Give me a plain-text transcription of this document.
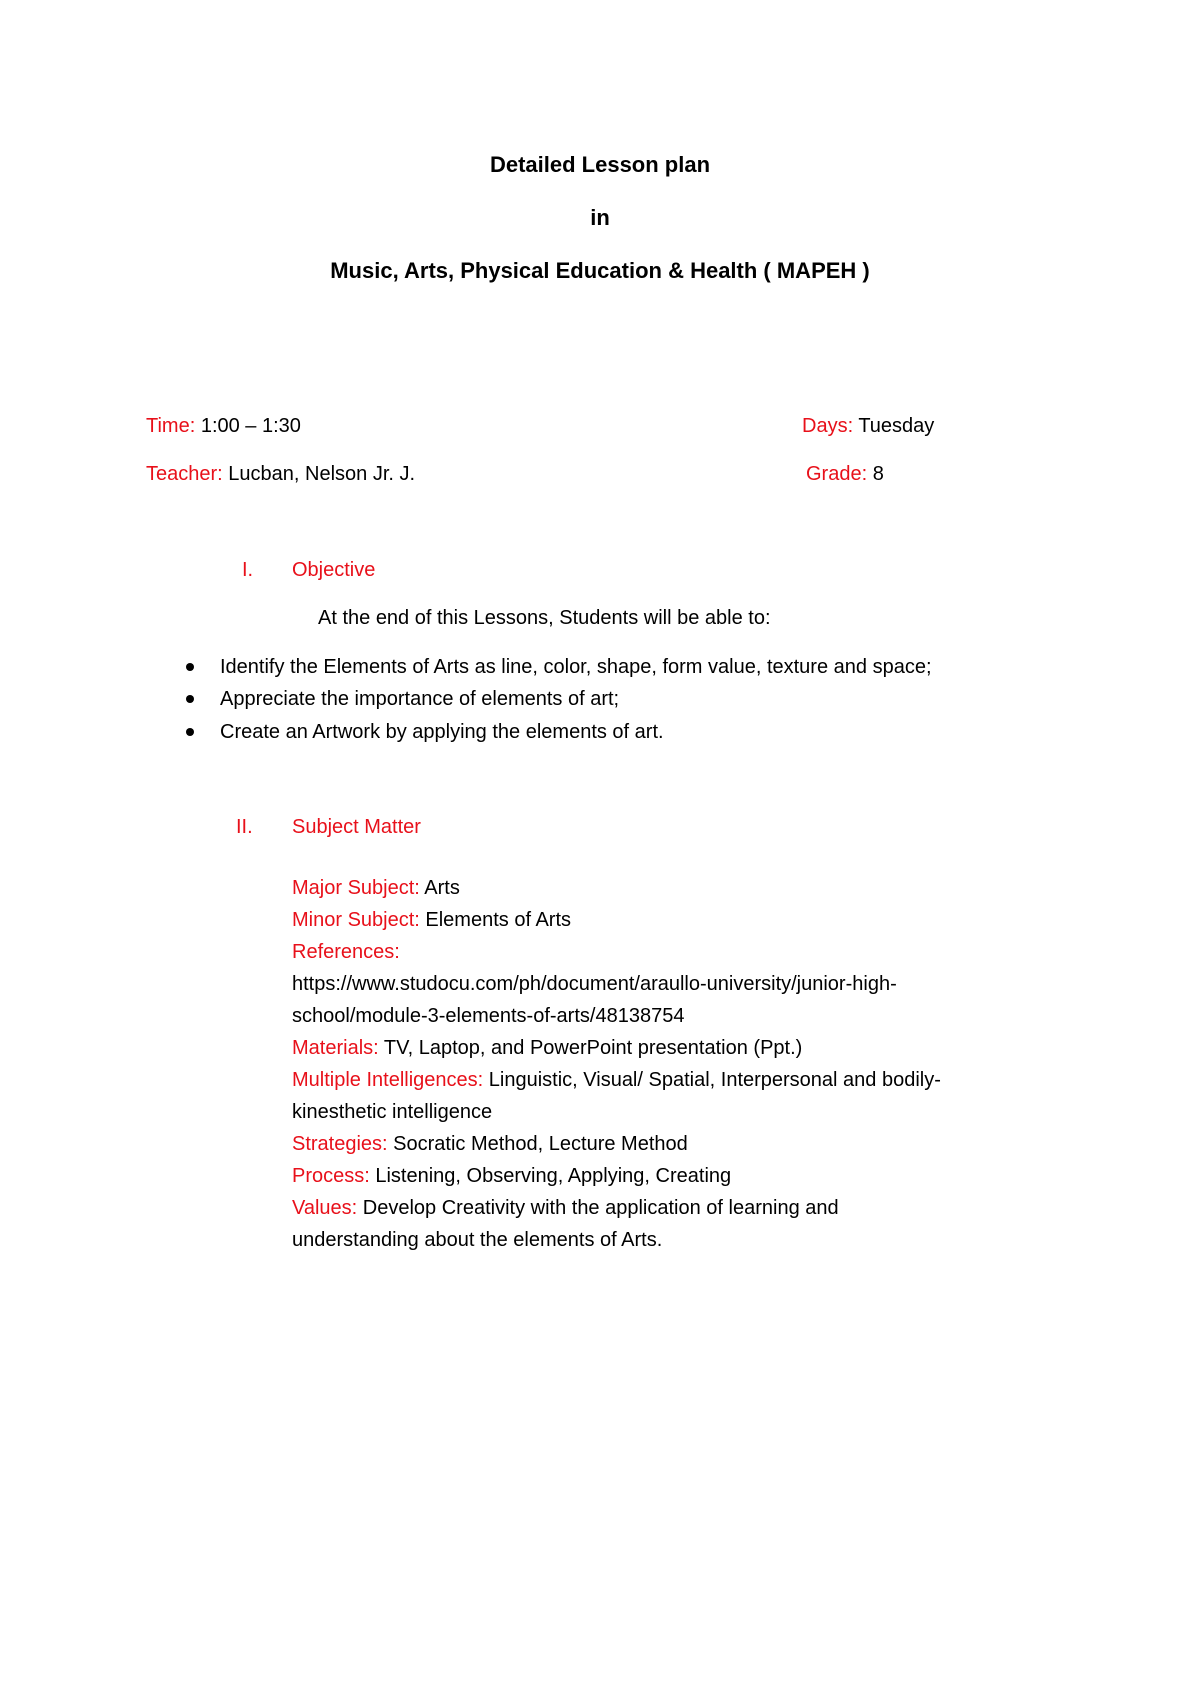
Detailed Lesson plan
in
Music, Arts, Physical Education & Health ( MAPEH )
Time: 1:00 – 1:30	Days: Tuesday
Teacher: Lucban, Nelson Jr. J.	Grade: 8
I. Objective
At the end of this Lessons, Students will be able to:
Identify the Elements of Arts as line, color, shape, form value, texture and space;
Appreciate the importance of elements of art;
Create an Artwork by applying the elements of art.
II. Subject Matter
Major Subject: Arts
Minor Subject: Elements of Arts
References:
https://www.studocu.com/ph/document/araullo-university/junior-high-
school/module-3-elements-of-arts/48138754
Materials: TV, Laptop, and PowerPoint presentation (Ppt.)
Multiple Intelligences: Linguistic, Visual/ Spatial, Interpersonal and bodily-
kinesthetic intelligence
Strategies: Socratic Method, Lecture Method
Process: Listening, Observing, Applying, Creating
Values: Develop Creativity with the application of learning and
understanding about the elements of Arts.
